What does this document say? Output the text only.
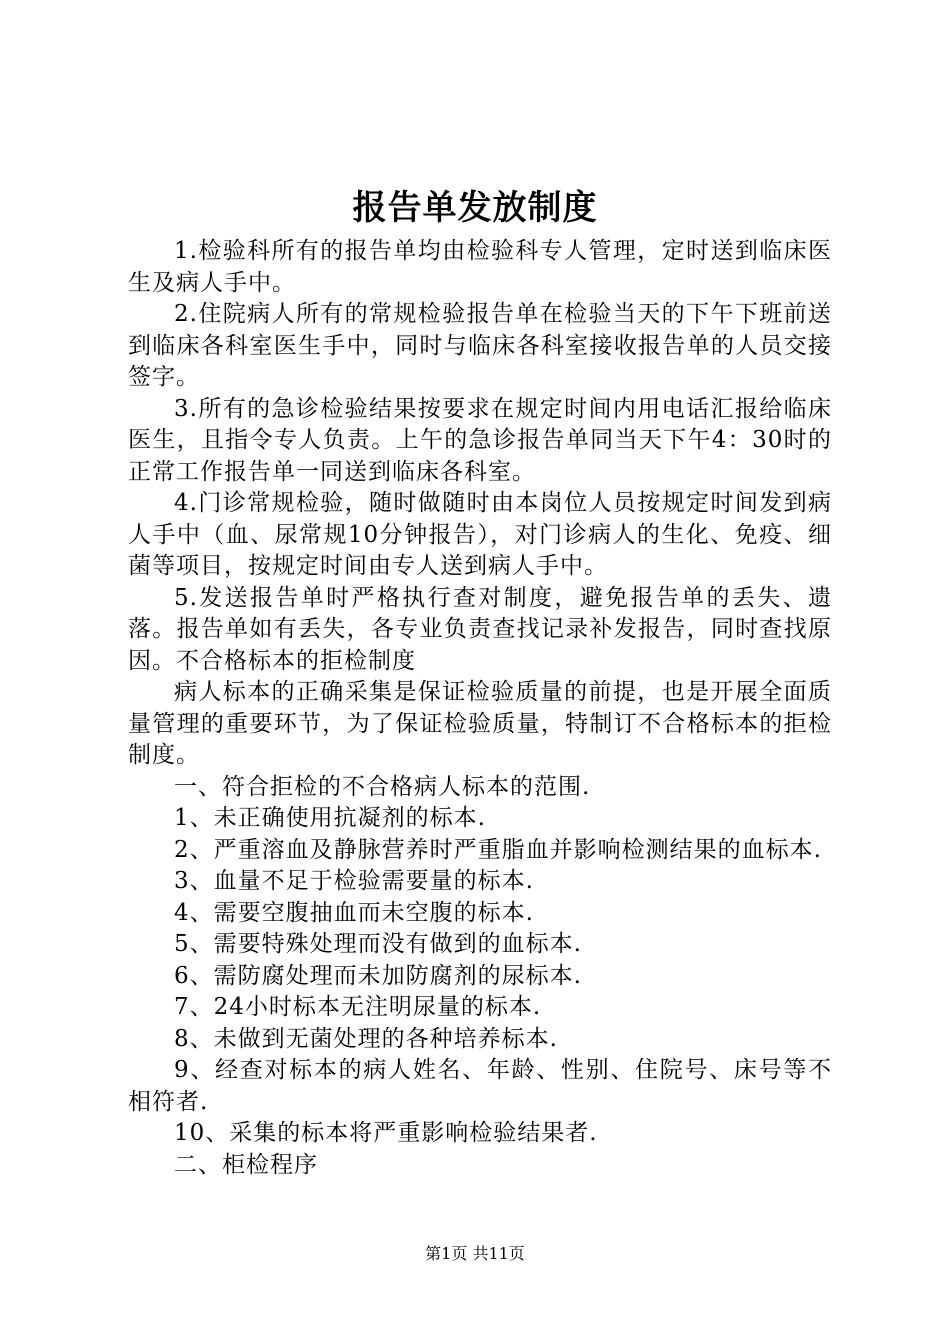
报告单发放制度

1.检验科所有的报告单均由检验科专人管理，定时送到临床医生及病人手中。

2.住院病人所有的常规检验报告单在检验当天的下午下班前送到临床各科室医生手中，同时与临床各科室接收报告单的人员交接签字。

3.所有的急诊检验结果按要求在规定时间内用电话汇报给临床医生，且指令专人负责。上午的急诊报告单同当天下午4：30时的正常工作报告单一同送到临床各科室。

4.门诊常规检验，随时做随时由本岗位人员按规定时间发到病人手中（血、尿常规10分钟报告），对门诊病人的生化、免疫、细菌等项目，按规定时间由专人送到病人手中。

5.发送报告单时严格执行查对制度，避免报告单的丢失、遗落。报告单如有丢失，各专业负责查找记录补发报告，同时查找原因。不合格标本的拒检制度

病人标本的正确采集是保证检验质量的前提，也是开展全面质量管理的重要环节，为了保证检验质量，特制订不合格标本的拒检制度。

一、符合拒检的不合格病人标本的范围.

1、未正确使用抗凝剂的标本.

2、严重溶血及静脉营养时严重脂血并影响检测结果的血标本.

3、血量不足于检验需要量的标本.

4、需要空腹抽血而未空腹的标本.

5、需要特殊处理而没有做到的血标本.

6、需防腐处理而未加防腐剂的尿标本.

7、24小时标本无注明尿量的标本.

8、未做到无菌处理的各种培养标本.

9、经查对标本的病人姓名、年龄、性别、住院号、床号等不相符者.

10、采集的标本将严重影响检验结果者.

二、柜检程序

第1页 共11页
